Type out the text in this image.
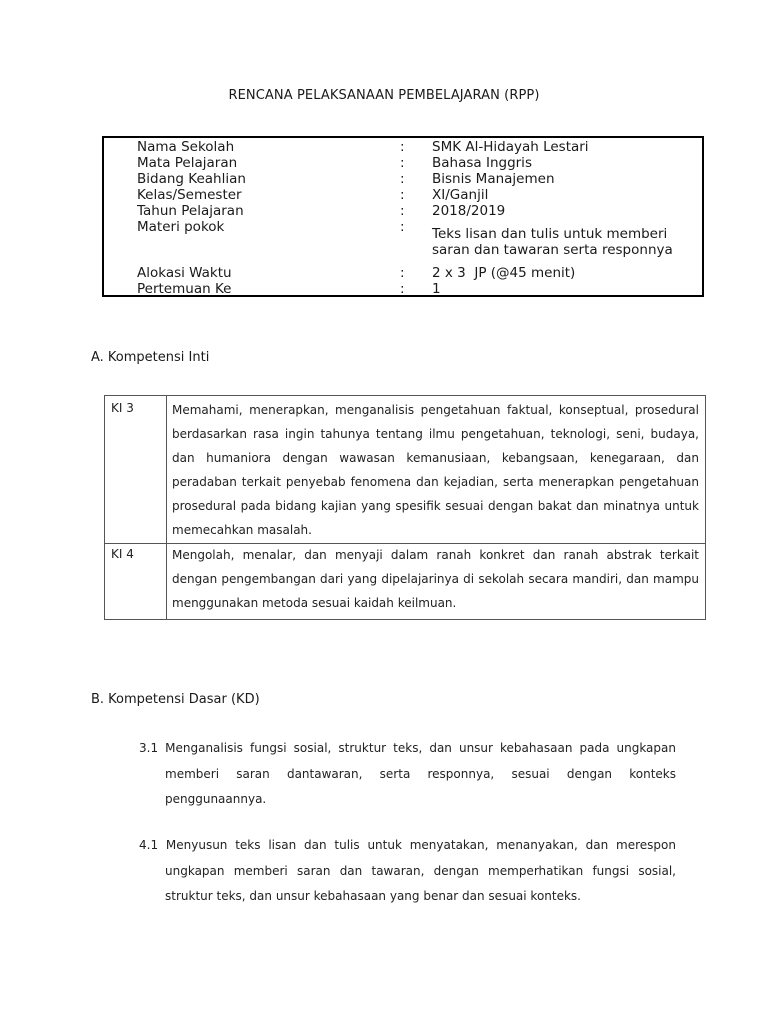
RENCANA PELAKSANAAN PEMBELAJARAN (RPP)
Nama Sekolah	: SMK Al-Hidayah Lestari
Mata Pelajaran	: Bahasa Inggris
Bidang Keahlian	: Bisnis Manajemen
Kelas/Semester	: XI/Ganjil
Tahun Pelajaran	: 2018/2019
Materi pokok	: Teks lisan dan tulis untuk memberi
saran dan tawaran serta responnya
Alokasi Waktu	: 2 x 3  JP (@45 menit)
Pertemuan Ke	: 1
A. Kompetensi Inti
KI 3	Memahami, menerapkan, menganalisis pengetahuan faktual, konseptual, prosedural berdasarkan rasa ingin tahunya tentang ilmu pengetahuan, teknologi, seni, budaya, dan humaniora dengan wawasan kemanusiaan, kebangsaan, kenegaraan, dan peradaban terkait penyebab fenomena dan kejadian, serta menerapkan pengetahuan prosedural pada bidang kajian yang spesifik sesuai dengan bakat dan minatnya untuk memecahkan masalah.
KI 4	Mengolah, menalar, dan menyaji dalam ranah konkret dan ranah abstrak terkait dengan pengembangan dari yang dipelajarinya di sekolah secara mandiri, dan mampu menggunakan metoda sesuai kaidah keilmuan.
B. Kompetensi Dasar (KD)
3.1 Menganalisis fungsi sosial, struktur teks, dan unsur kebahasaan pada ungkapan memberi saran dantawaran, serta responnya, sesuai dengan konteks penggunaannya.
4.1 Menyusun teks lisan dan tulis untuk menyatakan, menanyakan, dan merespon ungkapan memberi saran dan tawaran, dengan memperhatikan fungsi sosial, struktur teks, dan unsur kebahasaan yang benar dan sesuai konteks.
